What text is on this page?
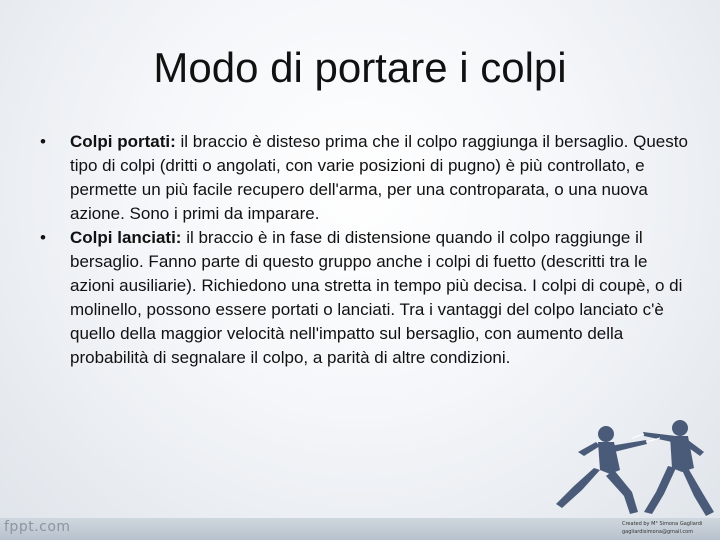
Modo di portare i colpi
• Colpi portati: il braccio è disteso prima che il colpo raggiunga il bersaglio. Questo tipo di colpi (dritti o angolati, con varie posizioni di pugno) è più controllato, e permette un più facile recupero dell'arma, per una controparata, o una nuova azione. Sono i primi da imparare.
• Colpi lanciati: il braccio è in fase di distensione quando il colpo raggiunge il bersaglio. Fanno parte di questo gruppo anche i colpi di fuetto (descritti tra le azioni ausiliarie). Richiedono una stretta in tempo più decisa. I colpi di coupè, o di molinello, possono essere portati o lanciati. Tra i vantaggi del colpo lanciato c'è quello della maggior velocità nell'impatto sul bersaglio, con aumento della probabilità di segnalare il colpo, a parità di altre condizioni.
fppt.com	Created by M° Simona Gagliardi
gagliardisimona@gmail.com
